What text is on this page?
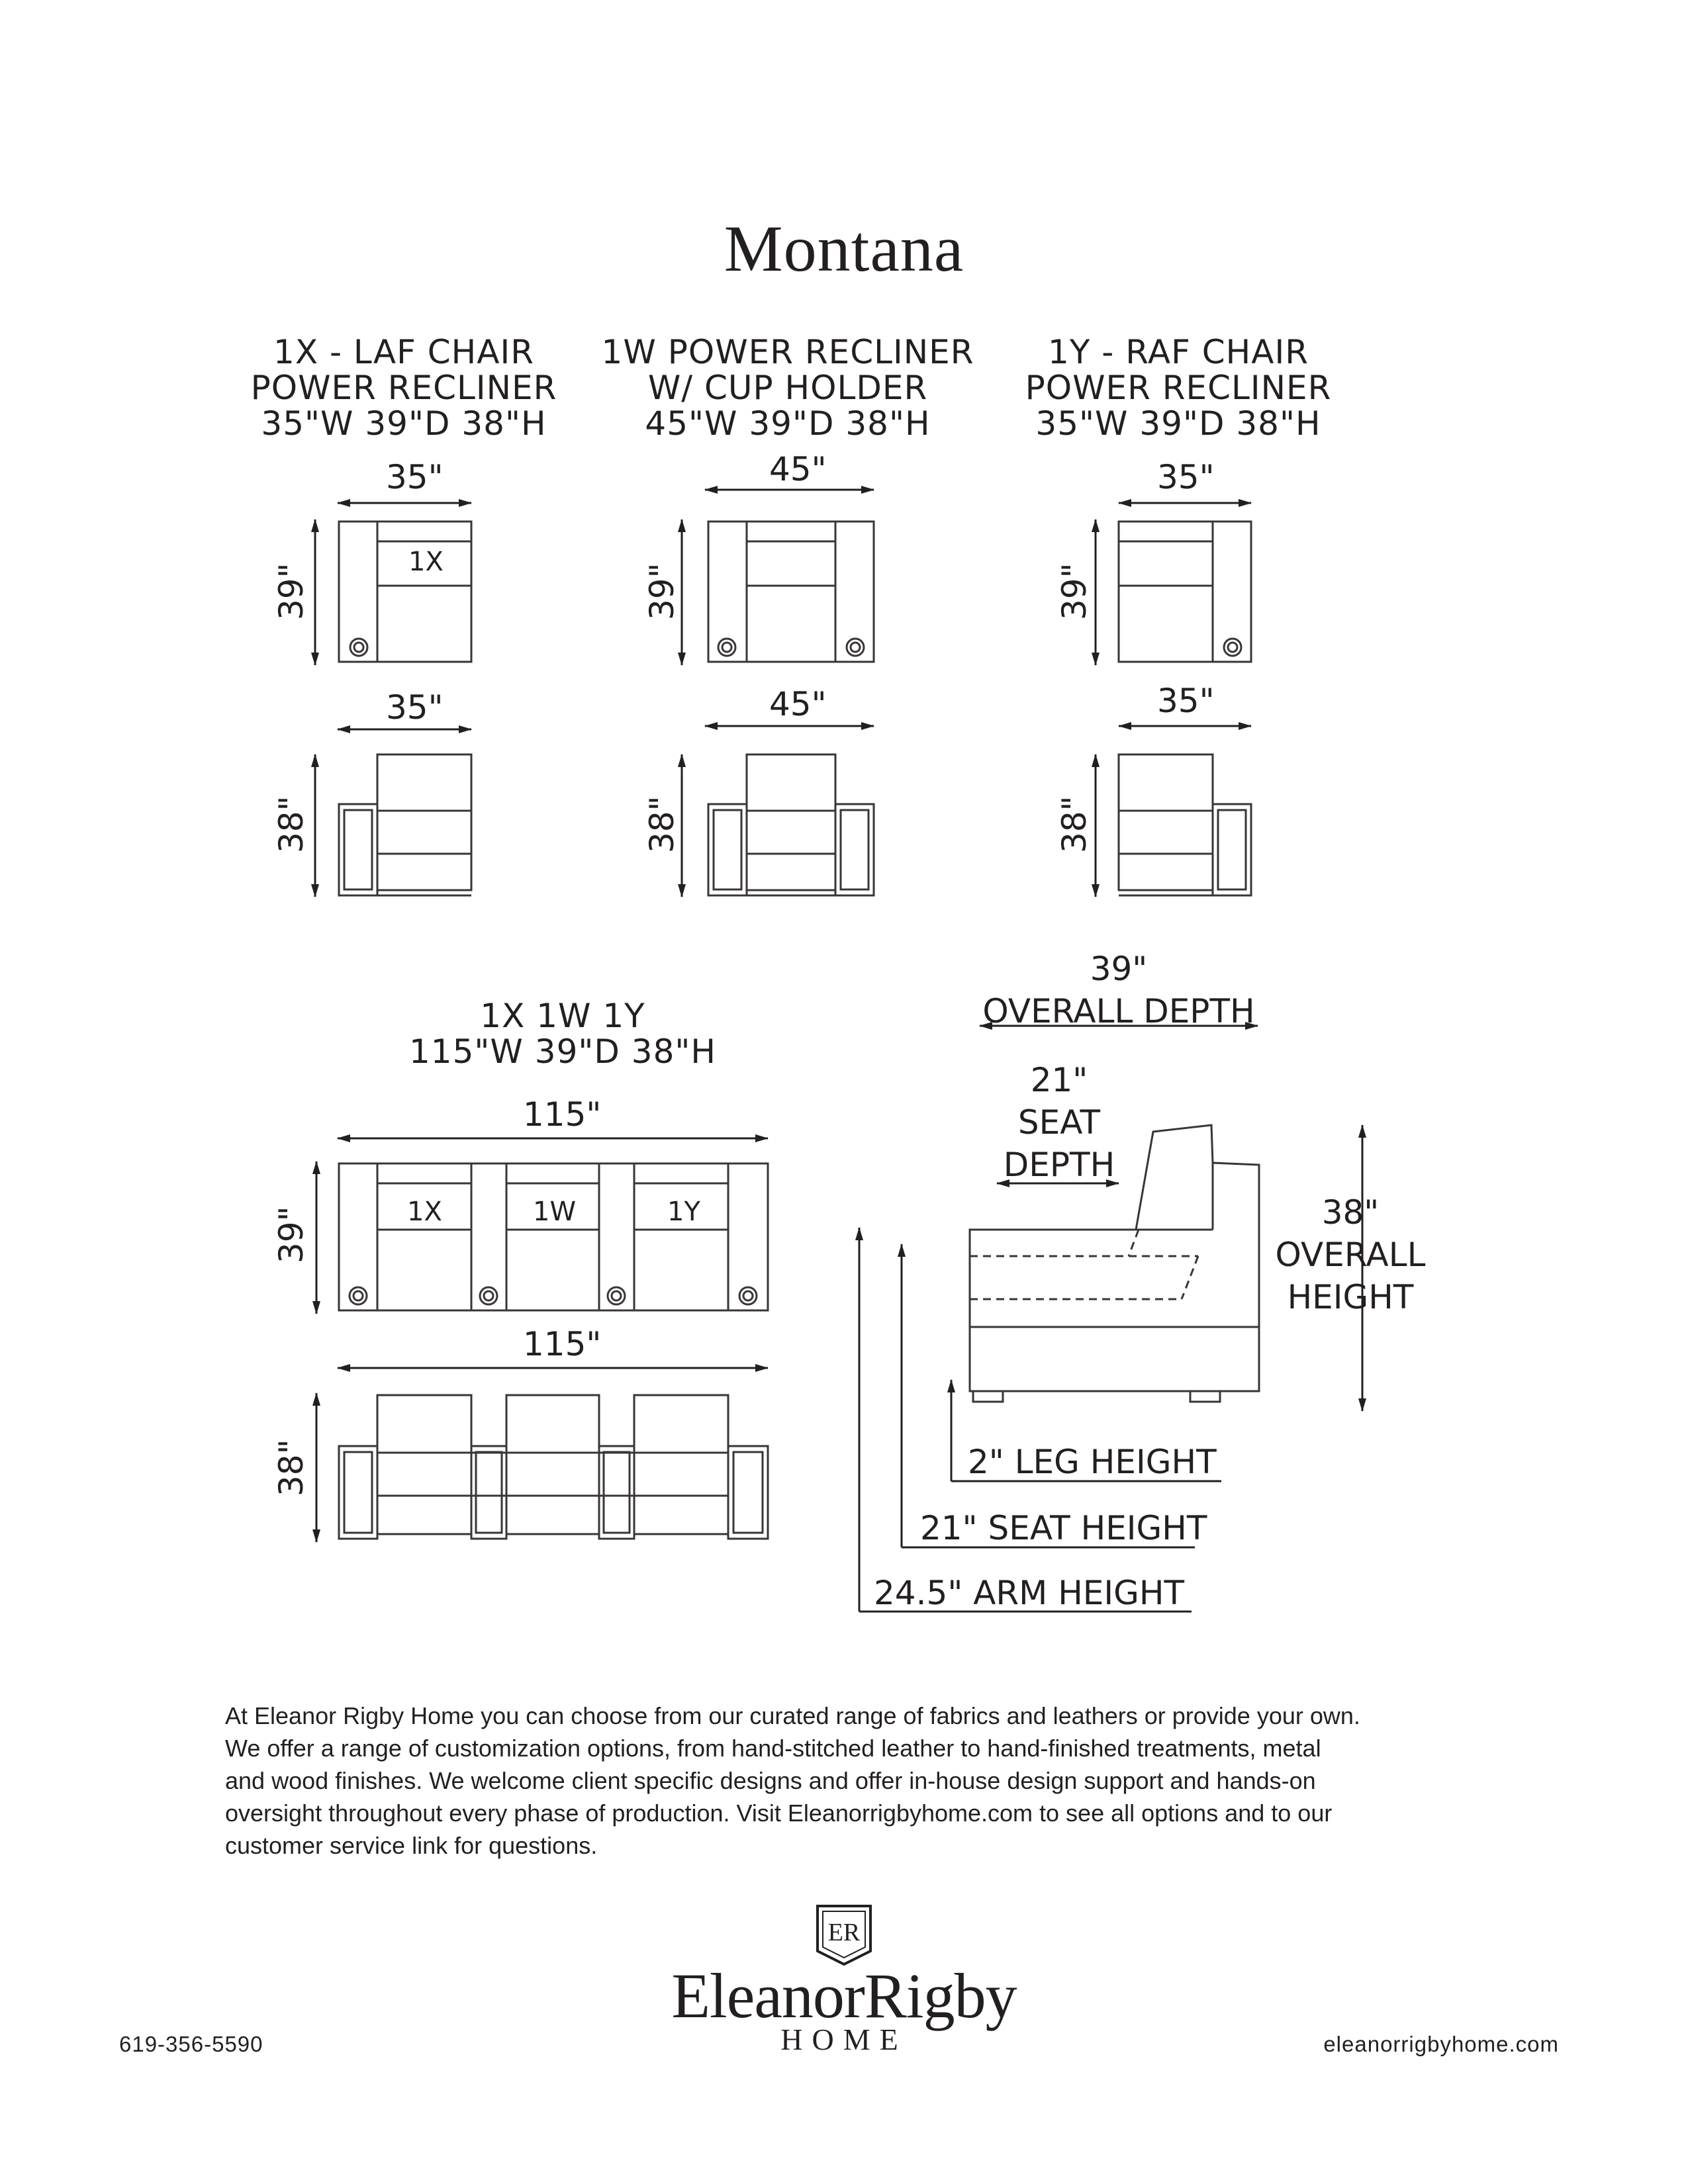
Montana
1X - LAF CHAIR
POWER RECLINER
35"W 39"D 38"H
1W POWER RECLINER
W/ CUP HOLDER
45"W 39"D 38"H
1Y - RAF CHAIR
POWER RECLINER
35"W 39"D 38"H
35"
35"
45"
45"
35"
35"
39"
38"
39"
38"
39"
38"
1X
1X 1W 1Y
115"W 39"D 38"H
115"
115"
39"
38"
1X	1W	1Y
39"
OVERALL DEPTH
21"
SEAT
DEPTH
38"
OVERALL
HEIGHT
2" LEG HEIGHT
21" SEAT HEIGHT
24.5" ARM HEIGHT

At Eleanor Rigby Home you can choose from our curated range of fabrics and leathers or provide your own.

We offer a range of customization options, from hand-stitched leather to hand-finished treatments, metal

and wood finishes. We welcome client specific designs and offer in-house design support and hands-on

oversight throughout every phase of production. Visit Eleanorrigbyhome.com to see all options and to our

customer service link for questions.

ER
EleanorRigby
HOME
619-356-5590	eleanorrigbyhome.com
